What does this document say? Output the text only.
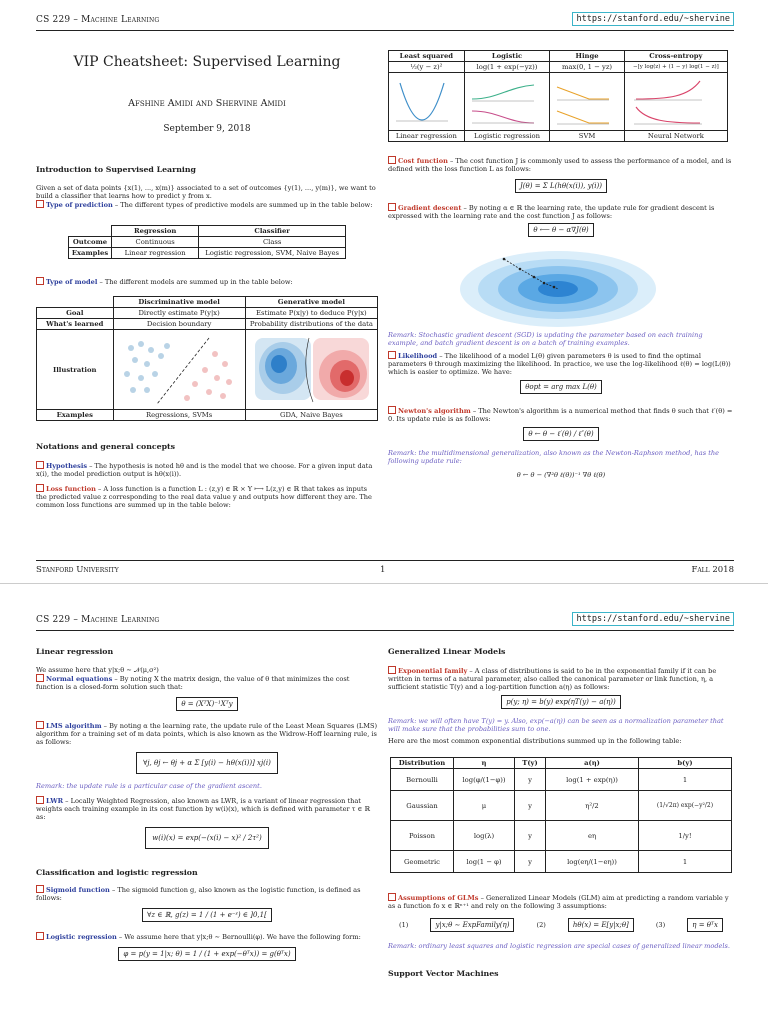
CS 229 – Machine Learning	https://stanford.edu/~shervine
VIP Cheatsheet: Supervised Learning
Afshine Amidi and Shervine Amidi
September 9, 2018
Introduction to Supervised Learning
Given a set of data points {x(1), ..., x(m)} associated to a set of outcomes {y(1), ..., y(m)}, we want to build a classifier that learns how to predict y from x.
Type of prediction – The different types of predictive models are summed up in the table below:
	Regression	Classifier
Outcome	Continuous	Class
Examples	Linear regression	Logistic regression, SVM, Naive Bayes
Type of model – The different models are summed up in the table below:
	Discriminative model	Generative model
Goal	Directly estimate P(y|x)	Estimate P(x|y) to deduce P(y|x)
What's learned	Decision boundary	Probability distributions of the data
Illustration	

Examples	Regressions, SVMs	GDA, Naive Bayes
Notations and general concepts
Hypothesis – The hypothesis is noted hθ and is the model that we choose. For a given input data x(i), the model prediction output is hθ(x(i)).
Loss function – A loss function is a function L : (z,y) ∈ ℝ × Y ⟼ L(z,y) ∈ ℝ that takes as inputs the predicted value z corresponding to the real data value y and outputs how different they are. The common loss functions are summed up in the table below:
Least squared	Logistic	Hinge	Cross-entropy
½(y − z)²	log(1 + exp(−yz))	max(0, 1 − yz)	−[y log(z) + (1 − y) log(1 − z)]

Linear regression	Logistic regression	SVM	Neural Network
Cost function – The cost function J is commonly used to assess the performance of a model, and is defined with the loss function L as follows:
J(θ) = Σ L(hθ(x(i)), y(i))
Gradient descent – By noting α ∈ ℝ the learning rate, the update rule for gradient descent is expressed with the learning rate and the cost function J as follows:
θ ⟵ θ − α∇J(θ)
Remark: Stochastic gradient descent (SGD) is updating the parameter based on each training example, and batch gradient descent is on a batch of training examples.
Likelihood – The likelihood of a model L(θ) given parameters θ is used to find the optimal parameters θ through maximizing the likelihood. In practice, we use the log-likelihood ℓ(θ) = log(L(θ)) which is easier to optimize. We have:
θopt = arg max L(θ)
Newton's algorithm – The Newton's algorithm is a numerical method that finds θ such that ℓ′(θ) = 0. Its update rule is as follows:
θ ← θ − ℓ′(θ) / ℓ″(θ)
Remark: the multidimensional generalization, also known as the Newton-Raphson method, has the following update rule:
θ ← θ − (∇²θ ℓ(θ))⁻¹ ∇θ ℓ(θ)
Stanford University	1	Fall 2018
CS 229 – Machine Learning	https://stanford.edu/~shervine
Linear regression
We assume here that y|x;θ ∼ 𝒩(μ,σ²)
Normal equations – By noting X the matrix design, the value of θ that minimizes the cost function is a closed-form solution such that:
θ = (XᵀX)⁻¹Xᵀy
LMS algorithm – By noting α the learning rate, the update rule of the Least Mean Squares (LMS) algorithm for a training set of m data points, which is also known as the Widrow-Hoff learning rule, is as follows:
∀j, θj ← θj + α Σ [y(i) − hθ(x(i))] xj(i)
Remark: the update rule is a particular case of the gradient ascent.
LWR – Locally Weighted Regression, also known as LWR, is a variant of linear regression that weights each training example in its cost function by w(i)(x), which is defined with parameter τ ∈ ℝ as:
w(i)(x) = exp(−(x(i) − x)² / 2τ²)
Classification and logistic regression
Sigmoid function – The sigmoid function g, also known as the logistic function, is defined as follows:
∀z ∈ ℝ, g(z) = 1 / (1 + e⁻ᶻ) ∈ ]0,1[
Logistic regression – We assume here that y|x;θ ∼ Bernoulli(φ). We have the following form:
φ = p(y = 1|x; θ) = 1 / (1 + exp(−θᵀx)) = g(θᵀx)
Generalized Linear Models
Exponential family – A class of distributions is said to be in the exponential family if it can be written in terms of a natural parameter, also called the canonical parameter or link function, η, a sufficient statistic T(y) and a log-partition function a(η) as follows:
p(y; η) = b(y) exp(ηT(y) − a(η))
Remark: we will often have T(y) = y. Also, exp(−a(η)) can be seen as a normalization parameter that will make sure that the probabilities sum to one.
Here are the most common exponential distributions summed up in the following table:
Distribution	η	T(y)	a(η)	b(y)
Bernoulli	log(φ/(1−φ))	y	log(1 + exp(η))	1
Gaussian	μ	y	η²/2	(1/√2π) exp(−y²/2)
Poisson	log(λ)	y	eη	1/y!
Geometric	log(1 − φ)	y	log(eη/(1−eη))	1
Assumptions of GLMs – Generalized Linear Models (GLM) aim at predicting a random variable y as a function fo x ∈ ℝⁿ⁺¹ and rely on the following 3 assumptions:
(1)	y|x;θ ∼ ExpFamily(η)	(2)	hθ(x) = E[y|x;θ]	(3)	η = θᵀx
Remark: ordinary least squares and logistic regression are special cases of generalized linear models.
Support Vector Machines
